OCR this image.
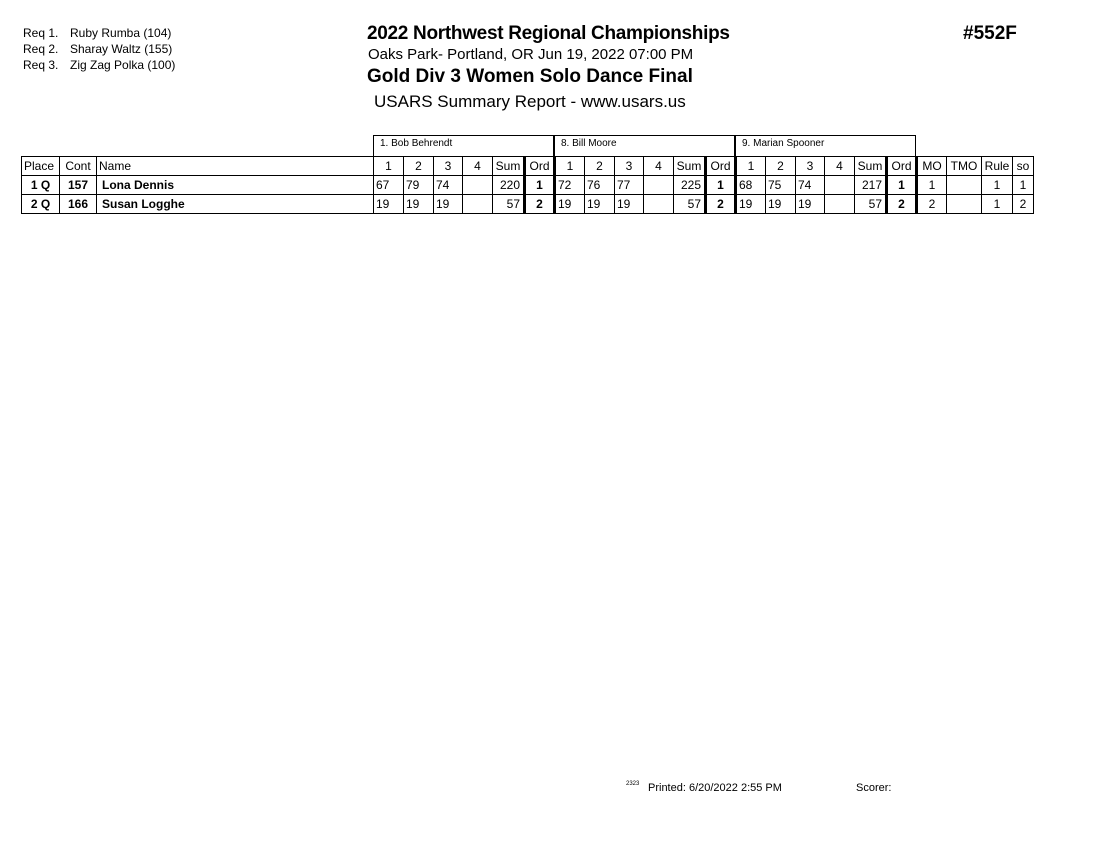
Req 1. Ruby Rumba (104)
Req 2. Sharay Waltz (155)
Req 3. Zig Zag Polka (100)
2022 Northwest Regional Championships
Oaks Park- Portland, OR Jun 19, 2022 07:00 PM
Gold Div 3 Women Solo Dance Final
USARS Summary Report - www.usars.us
#552F
1. Bob Behrendt	8. Bill Moore	9. Marian Spooner
Place	Cont	Name	1	2	3	4	Sum	Ord	1	2	3	4	Sum	Ord	1	2	3	4	Sum	Ord	MO	TMO	Rule	so
1 Q	157	Lona Dennis	67	79	74		220	1	72	76	77		225	1	68	75	74		217	1	1		1	1
2 Q	166	Susan Logghe	19	19	19		57	2	19	19	19		57	2	19	19	19		57	2	2		1	2
2323 Printed: 6/20/2022 2:55 PM	Scorer:
